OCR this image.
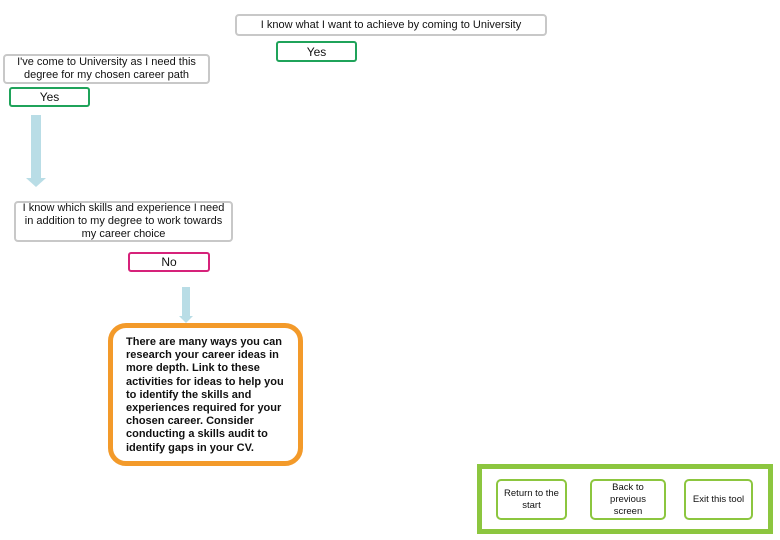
I know what I want to achieve by coming to University
Yes
I've come to University as I need this degree for my chosen career path
Yes
I know which skills and experience I need in addition to my degree to work towards my career choice
No
There are many ways you can research your career ideas in more depth. Link to these activities for ideas to help you to identify the skills and experiences required for your chosen career. Consider conducting a skills audit to identify gaps in your CV.
Return to the start
Back to previous screen
Exit this tool
